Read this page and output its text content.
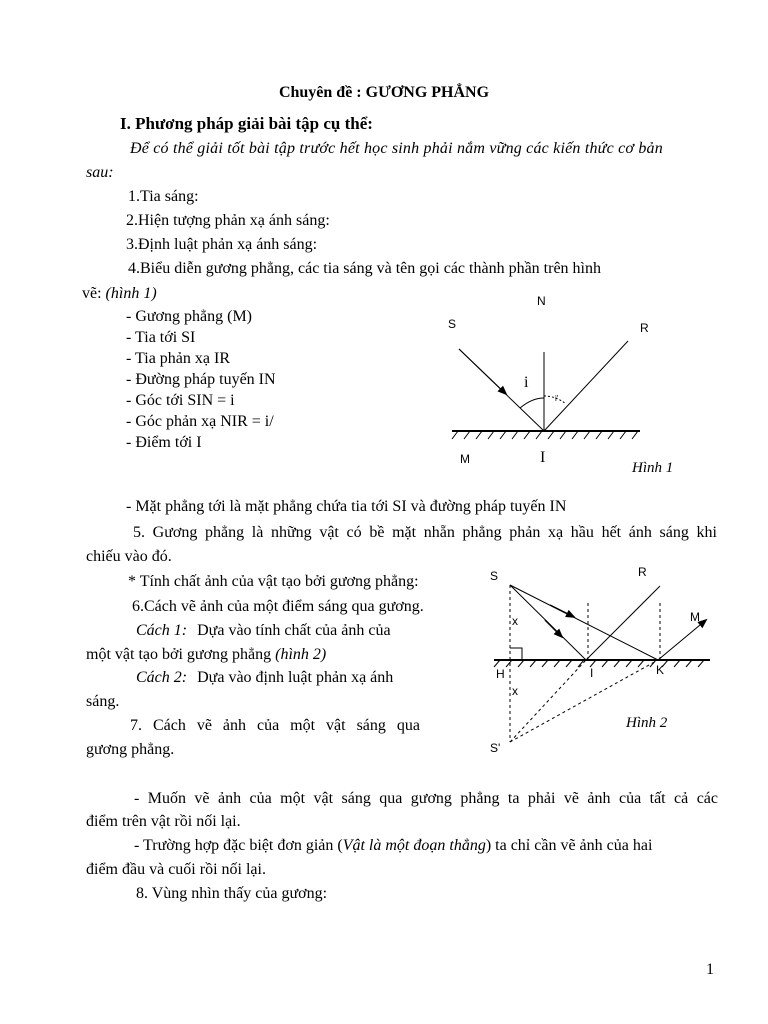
Chuyên đề : GƯƠNG PHẲNG
I. Phương pháp giải bài tập cụ thể:
Để có thể giải tốt bài tập trước hết học sinh phải nắm vững các kiến thức cơ bản
sau:
1.Tia sáng:
2.Hiện tượng phản xạ ánh sáng:
3.Định luật phản xạ ánh sáng:
4.Biểu diễn gương phẳng, các tia sáng và tên gọi các thành phần trên hình
vẽ: (hình 1)
- Gương phẳng (M)
- Tia tới SI
- Tia phản xạ IR
- Đường pháp tuyến IN
- Góc tới SIN = i
- Góc phản xạ NIR = i/
- Điểm tới I
S
N
R
i
i'
M	I
Hình 1
- Mặt phẳng tới là mặt phẳng chứa tia tới SI và đường pháp tuyến IN
5. Gương phẳng là những vật có bề mặt nhẵn phẳng phản xạ hầu hết ánh sáng khi
chiếu vào đó.
* Tính chất ảnh của vật tạo bởi gương phẳng:
6.Cách vẽ ảnh của một điểm sáng qua gương.
Cách 1: Dựa vào tính chất của ảnh của
một vật tạo bởi gương phẳng (hình 2)
Cách 2: Dựa vào định luật phản xạ ánh
sáng.
7. Cách vẽ ảnh của một vật sáng qua
gương phẳng.
S	R
M
x
H	I	K
x
S'
Hình 2
- Muốn vẽ ảnh của một vật sáng qua gương phẳng ta phải vẽ ảnh của tất cả các
điểm trên vật rồi nối lại.
- Trường hợp đặc biệt đơn giản (Vật là một đoạn thẳng) ta chỉ cần vẽ ảnh của hai
điểm đầu và cuối rồi nối lại.
8. Vùng nhìn thấy của gương:
1
